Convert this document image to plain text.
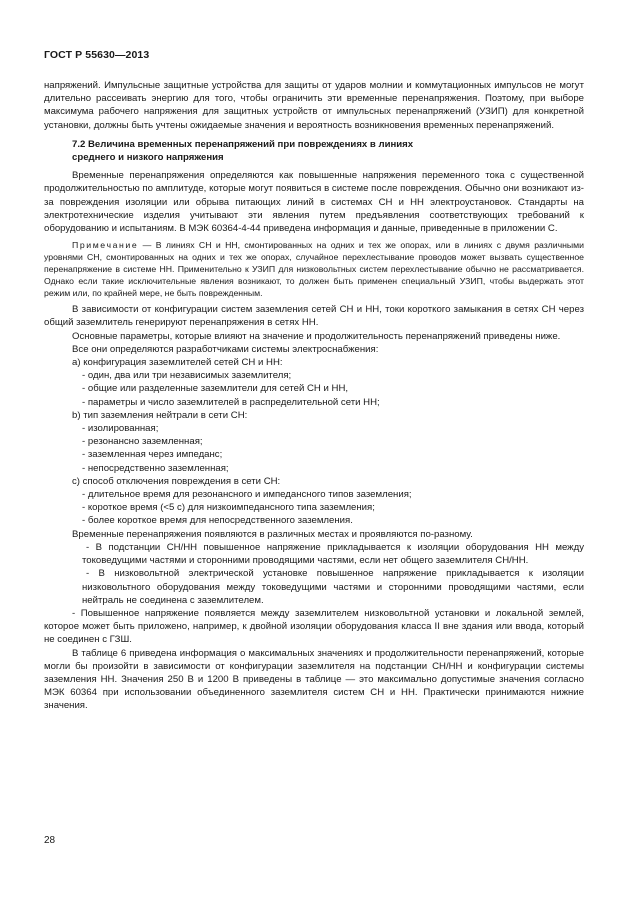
ГОСТ Р 55630—2013

напряжений. Импульсные защитные устройства для защиты от ударов молнии и коммутационных импульсов не могут длительно рассеивать энергию для того, чтобы ограничить эти временные перенапряжения. Поэтому, при выборе максимума рабочего напряжения для защитных устройств от импульсных перенапряжений (УЗИП) для конкретной установки, должны быть учтены ожидаемые значения и вероятность возникновения временных перенапряжений.

7.2 Величина временных перенапряжений при повреждениях в линиях среднего и низкого напряжения

Временные перенапряжения определяются как повышенные напряжения переменного тока с существенной продолжительностью по амплитуде, которые могут появиться в системе после повреждения. Обычно они возникают из-за повреждения изоляции или обрыва питающих линий в системах СН и НН электроустановок. Стандарты на электротехнические изделия учитывают эти явления путем предъявления соответствующих требований к оборудованию и испытаниям. В МЭК 60364-4-44 приведена информация и данные, приведенные в приложении С.

Примечание — В линиях СН и НН, смонтированных на одних и тех же опорах, или в линиях с двумя различными уровнями СН, смонтированных на одних и тех же опорах, случайное перехлестывание проводов может вызвать существенное перенапряжение в системе НН. Применительно к УЗИП для низковольтных систем перехлестывание обычно не рассматривается. Однако если такие исключительные явления возникают, то должен быть применен специальный УЗИП, чтобы выдержать этот режим или, по крайней мере, не быть поврежденным.

В зависимости от конфигурации систем заземления сетей СН и НН, токи короткого замыкания в сетях СН через общий заземлитель генерируют перенапряжения в сетях НН.

Основные параметры, которые влияют на значение и продолжительность перенапряжений приведены ниже.

Все они определяются разработчиками системы электроснабжения:

а) конфигурация заземлителей сетей СН и НН:

- один, два или три независимых заземлителя;

- общие или разделенные заземлители для сетей СН и НН,

- параметры и число заземлителей в распределительной сети НН;

b) тип заземления нейтрали в сети СН:

- изолированная;

- резонансно заземленная;

- заземленная через импеданс;

- непосредственно заземленная;

c) способ отключения повреждения в сети СН:

- длительное время для резонансного и импедансного типов заземления;

- короткое время (<5 с) для низкоимпедансного типа заземления;

- более короткое время для непосредственного заземления.

Временные перенапряжения появляются в различных местах и проявляются по-разному.

- В подстанции СН/НН повышенное напряжение прикладывается к изоляции оборудования НН между токоведущими частями и сторонними проводящими частями, если нет общего заземлителя СН/НН.

- В низковольтной электрической установке повышенное напряжение прикладывается к изоляции низковольтного оборудования между токоведущими частями и сторонними проводящими частями, если нейтраль не соединена с заземлителем.

- Повышенное напряжение появляется между заземлителем низковольтной установки и локальной землей, которое может быть приложено, например, к двойной изоляции оборудования класса II вне здания или ввода, который не соединен с ГЗШ.

В таблице 6 приведена информация о максимальных значениях и продолжительности перенапряжений, которые могли бы произойти в зависимости от конфигурации заземлителя на подстанции СН/НН и конфигурации системы заземления НН. Значения 250 В и 1200 В приведены в таблице — это максимально допустимые значения согласно МЭК 60364 при использовании объединенного заземлителя систем СН и НН. Практически принимаются нижние значения.

28
